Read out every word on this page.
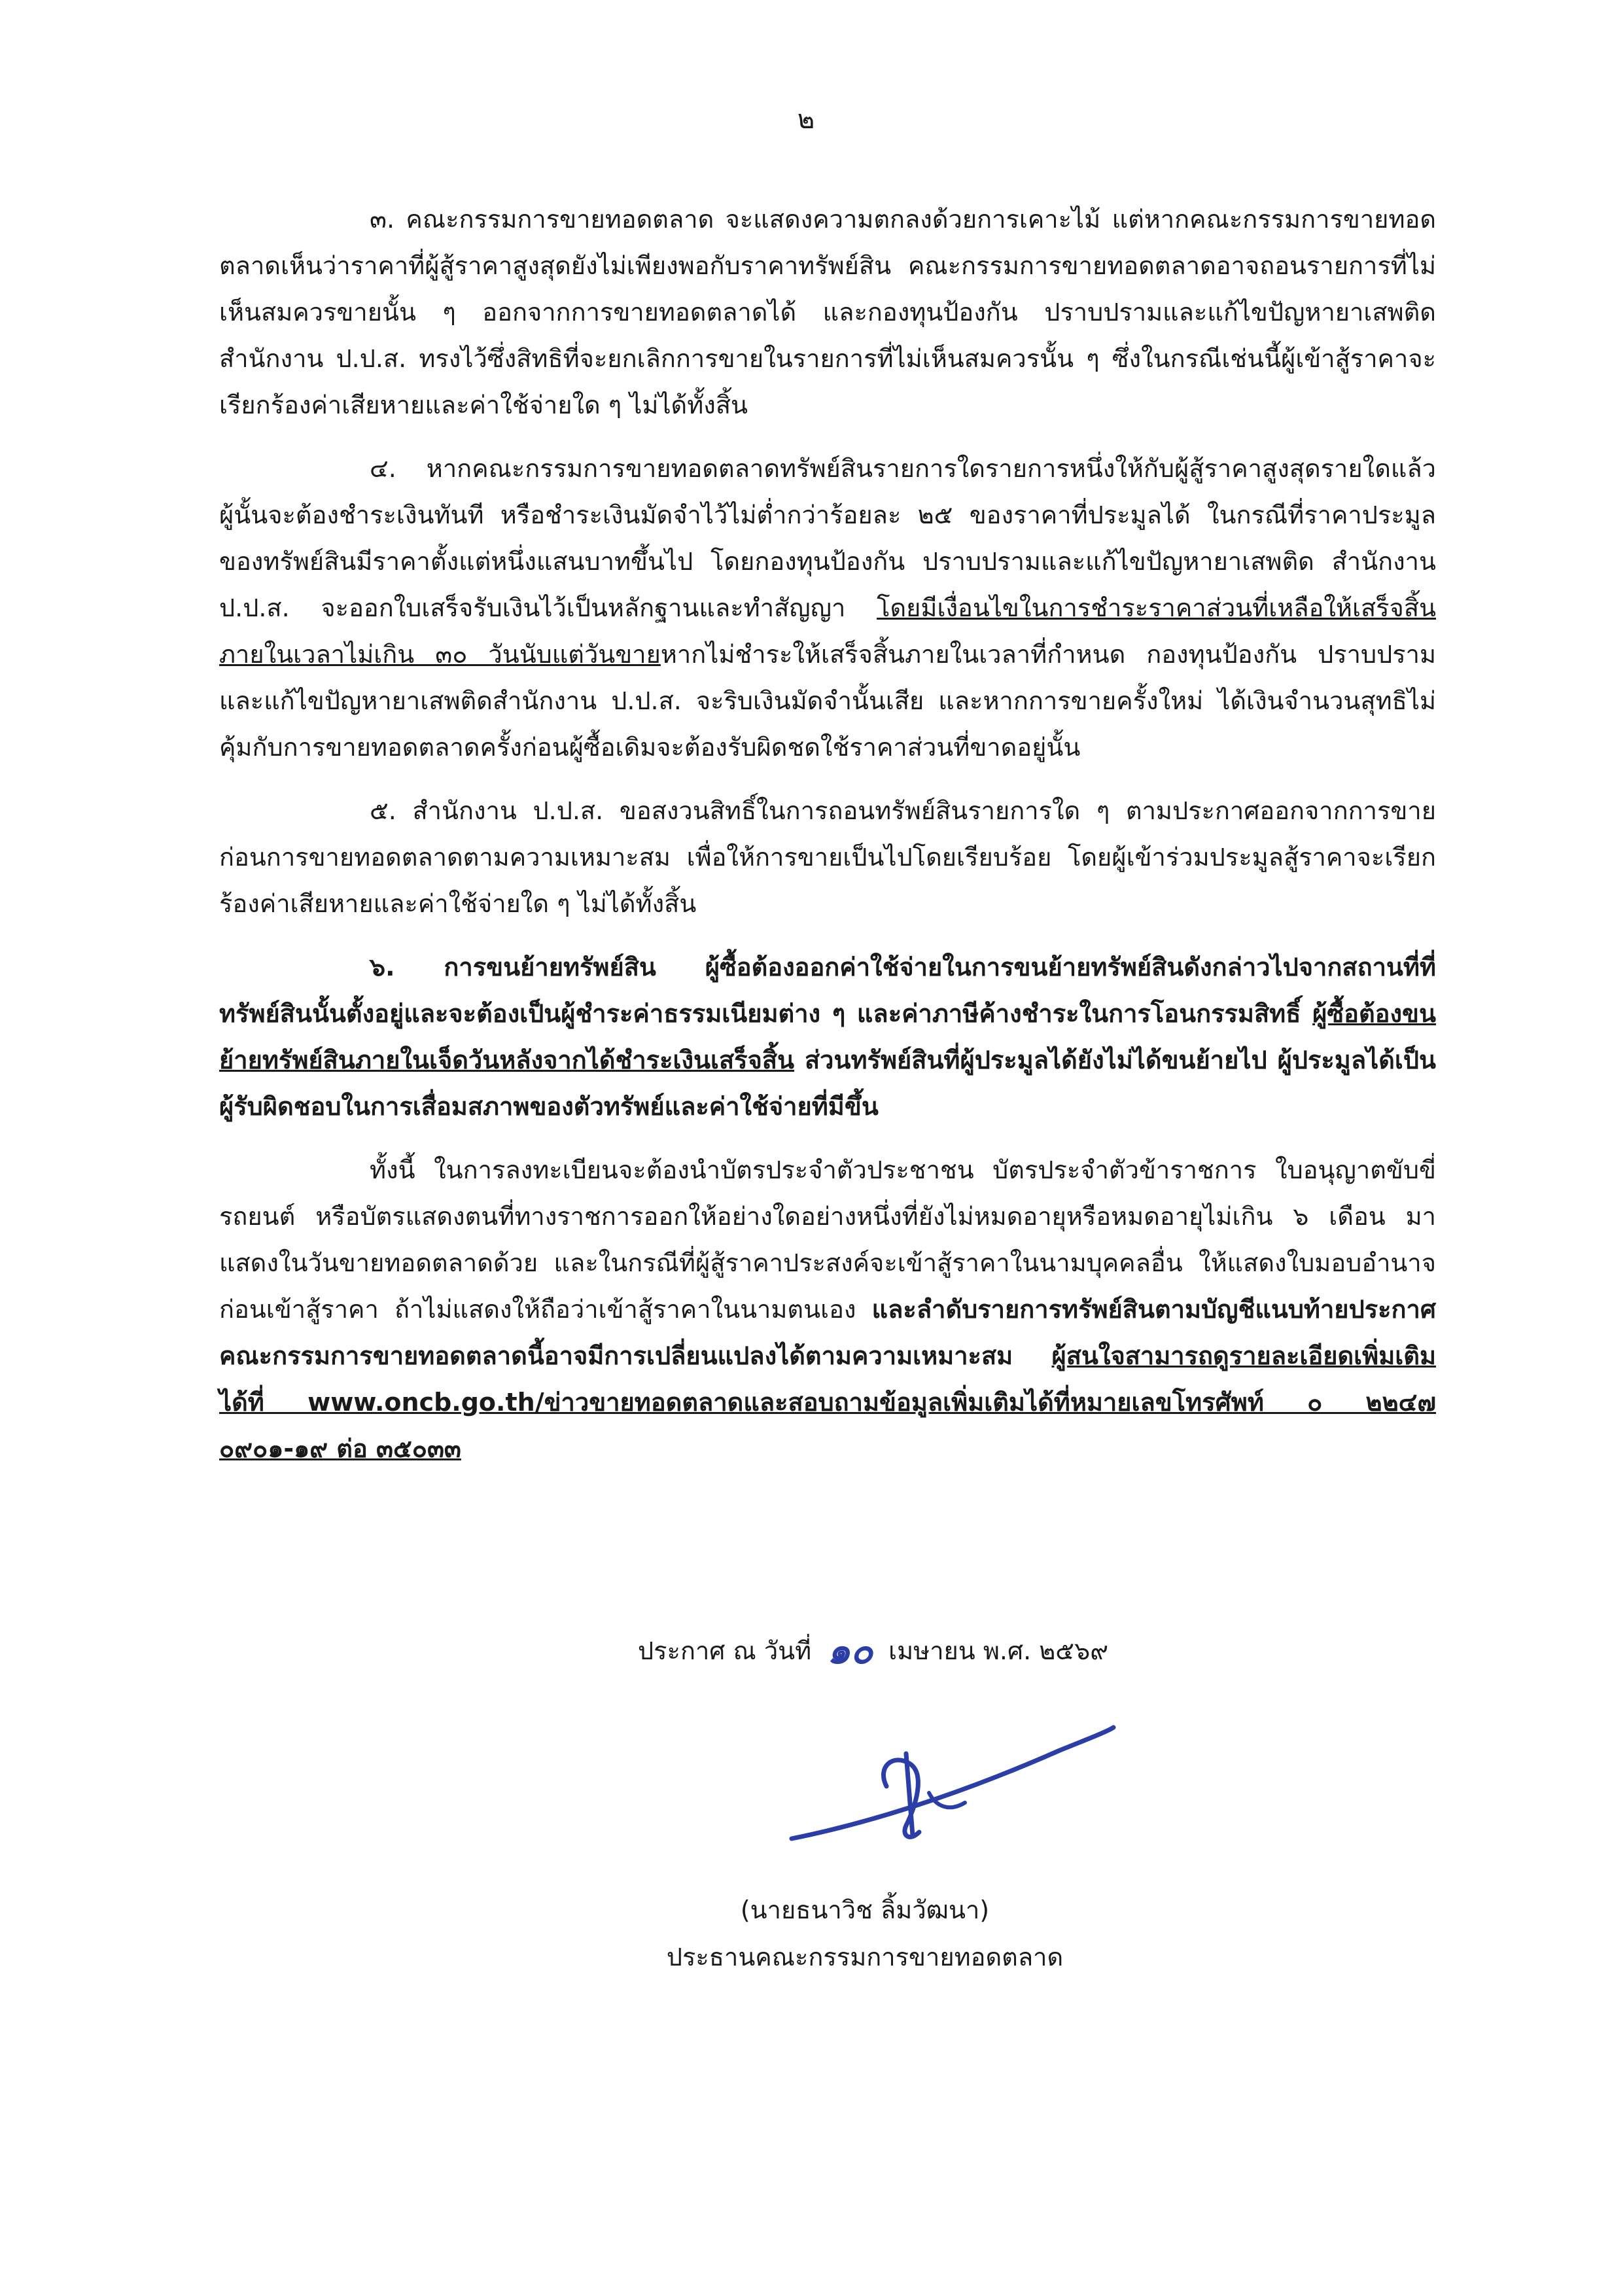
๒

๓. คณะกรรมการขายทอดตลาด จะแสดงความตกลงด้วยการเคาะไม้ แต่หากคณะกรรมการขายทอดตลาดเห็นว่าราคาที่ผู้สู้ราคาสูงสุดยังไม่เพียงพอกับราคาทรัพย์สิน คณะกรรมการขายทอดตลาดอาจถอนรายการที่ไม่เห็นสมควรขายนั้น ๆ ออกจากการขายทอดตลาดได้ และกองทุนป้องกัน ปราบปรามและแก้ไขปัญหายาเสพติด สำนักงาน ป.ป.ส. ทรงไว้ซึ่งสิทธิที่จะยกเลิกการขายในรายการที่ไม่เห็นสมควรนั้น ๆ ซึ่งในกรณีเช่นนี้ผู้เข้าสู้ราคาจะเรียกร้องค่าเสียหายและค่าใช้จ่ายใด ๆ ไม่ได้ทั้งสิ้น

๔. หากคณะกรรมการขายทอดตลาดทรัพย์สินรายการใดรายการหนึ่งให้กับผู้สู้ราคาสูงสุดรายใดแล้ว ผู้นั้นจะต้องชำระเงินทันที หรือชำระเงินมัดจำไว้ไม่ต่ำกว่าร้อยละ ๒๕ ของราคาที่ประมูลได้ ในกรณีที่ราคาประมูลของทรัพย์สินมีราคาตั้งแต่หนึ่งแสนบาทขึ้นไป โดยกองทุนป้องกัน ปราบปรามและแก้ไขปัญหายาเสพติด สำนักงาน ป.ป.ส. จะออกใบเสร็จรับเงินไว้เป็นหลักฐานและทำสัญญา โดยมีเงื่อนไขในการชำระราคาส่วนที่เหลือให้เสร็จสิ้นภายในเวลาไม่เกิน ๓๐ วันนับแต่วันขายหากไม่ชำระให้เสร็จสิ้นภายในเวลาที่กำหนด กองทุนป้องกัน ปราบปราม และแก้ไขปัญหายาเสพติดสำนักงาน ป.ป.ส. จะริบเงินมัดจำนั้นเสีย และหากการขายครั้งใหม่ ได้เงินจำนวนสุทธิไม่คุ้มกับการขายทอดตลาดครั้งก่อนผู้ซื้อเดิมจะต้องรับผิดชดใช้ราคาส่วนที่ขาดอยู่นั้น

๕. สำนักงาน ป.ป.ส. ขอสงวนสิทธิ์ในการถอนทรัพย์สินรายการใด ๆ ตามประกาศออกจากการขายก่อนการขายทอดตลาดตามความเหมาะสม เพื่อให้การขายเป็นไปโดยเรียบร้อย โดยผู้เข้าร่วมประมูลสู้ราคาจะเรียกร้องค่าเสียหายและค่าใช้จ่ายใด ๆ ไม่ได้ทั้งสิ้น

๖. การขนย้ายทรัพย์สิน ผู้ซื้อต้องออกค่าใช้จ่ายในการขนย้ายทรัพย์สินดังกล่าวไปจากสถานที่ที่ทรัพย์สินนั้นตั้งอยู่และจะต้องเป็นผู้ชำระค่าธรรมเนียมต่าง ๆ และค่าภาษีค้างชำระในการโอนกรรมสิทธิ์ ผู้ซื้อต้องขนย้ายทรัพย์สินภายในเจ็ดวันหลังจากได้ชำระเงินเสร็จสิ้น ส่วนทรัพย์สินที่ผู้ประมูลได้ยังไม่ได้ขนย้ายไป ผู้ประมูลได้เป็นผู้รับผิดชอบในการเสื่อมสภาพของตัวทรัพย์และค่าใช้จ่ายที่มีขึ้น

ทั้งนี้ ในการลงทะเบียนจะต้องนำบัตรประจำตัวประชาชน บัตรประจำตัวข้าราชการ ใบอนุญาตขับขี่รถยนต์ หรือบัตรแสดงตนที่ทางราชการออกให้อย่างใดอย่างหนึ่งที่ยังไม่หมดอายุหรือหมดอายุไม่เกิน ๖ เดือน มาแสดงในวันขายทอดตลาดด้วย และในกรณีที่ผู้สู้ราคาประสงค์จะเข้าสู้ราคาในนามบุคคลอื่น ให้แสดงใบมอบอำนาจก่อนเข้าสู้ราคา ถ้าไม่แสดงให้ถือว่าเข้าสู้ราคาในนามตนเอง และลำดับรายการทรัพย์สินตามบัญชีแนบท้ายประกาศคณะกรรมการขายทอดตลาดนี้อาจมีการเปลี่ยนแปลงได้ตามความเหมาะสม ผู้สนใจสามารถดูรายละเอียดเพิ่มเติมได้ที่ www.oncb.go.th/ข่าวขายทอดตลาดและสอบถามข้อมูลเพิ่มเติมได้ที่หมายเลขโทรศัพท์ ๐ ๒๒๔๗ ๐๙๐๑-๑๙ ต่อ ๓๕๐๓๓

ประกาศ ณ วันที่ ๑๐ เมษายน พ.ศ. ๒๕๖๙
(นายธนาวิช ลิ้มวัฒนา)
ประธานคณะกรรมการขายทอดตลาด
